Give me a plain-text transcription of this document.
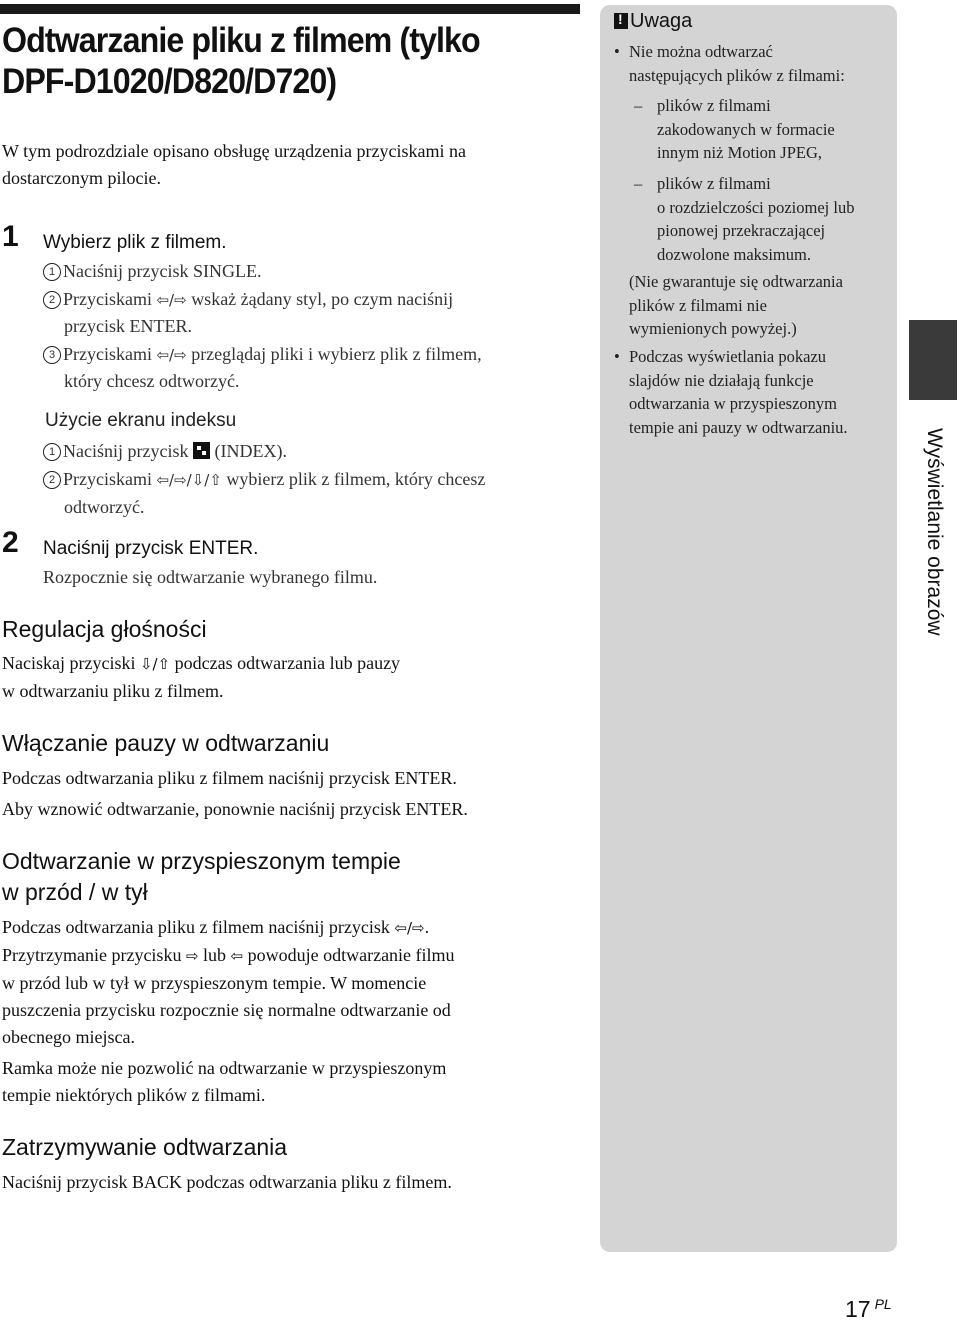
Odtwarzanie pliku z filmem (tylko
DPF-D1020/D820/D720)
W tym podrozdziale opisano obsługę urządzenia przyciskami na
dostarczonym pilocie.
1 Wybierz plik z filmem.
1 Naciśnij przycisk SINGLE.
2 Przyciskami ⇦/⇨ wskaż żądany styl, po czym naciśnij
przycisk ENTER.
3 Przyciskami ⇦/⇨ przeglądaj pliki i wybierz plik z filmem,
który chcesz odtworzyć.
Użycie ekranu indeksu
1 Naciśnij przycisk (INDEX).
2 Przyciskami ⇦/⇨/⇩/⇧ wybierz plik z filmem, który chcesz
odtworzyć.
2 Naciśnij przycisk ENTER.
Rozpocznie się odtwarzanie wybranego filmu.
Regulacja głośności
Naciskaj przyciski ⇩/⇧ podczas odtwarzania lub pauzy
w odtwarzaniu pliku z filmem.
Włączanie pauzy w odtwarzaniu
Podczas odtwarzania pliku z filmem naciśnij przycisk ENTER.
Aby wznowić odtwarzanie, ponownie naciśnij przycisk ENTER.
Odtwarzanie w przyspieszonym tempie
w przód / w tył
Podczas odtwarzania pliku z filmem naciśnij przycisk ⇦/⇨.
Przytrzymanie przycisku ⇨ lub ⇦ powoduje odtwarzanie filmu
w przód lub w tył w przyspieszonym tempie. W momencie
puszczenia przycisku rozpocznie się normalne odtwarzanie od
obecnego miejsca.
Ramka może nie pozwolić na odtwarzanie w przyspieszonym
tempie niektórych plików z filmami.
Zatrzymywanie odtwarzania
Naciśnij przycisk BACK podczas odtwarzania pliku z filmem.
!Uwaga
• Nie można odtwarzać
następujących plików z filmami:
– plików z filmami
zakodowanych w formacie
innym niż Motion JPEG,
– plików z filmami
o rozdzielczości poziomej lub
pionowej przekraczającej
dozwolone maksimum.
(Nie gwarantuje się odtwarzania
plików z filmami nie
wymienionych powyżej.)
• Podczas wyświetlania pokazu
slajdów nie działają funkcje
odtwarzania w przyspieszonym
tempie ani pauzy w odtwarzaniu.
Wyświetlanie obrazów
17 $^{PL}$
